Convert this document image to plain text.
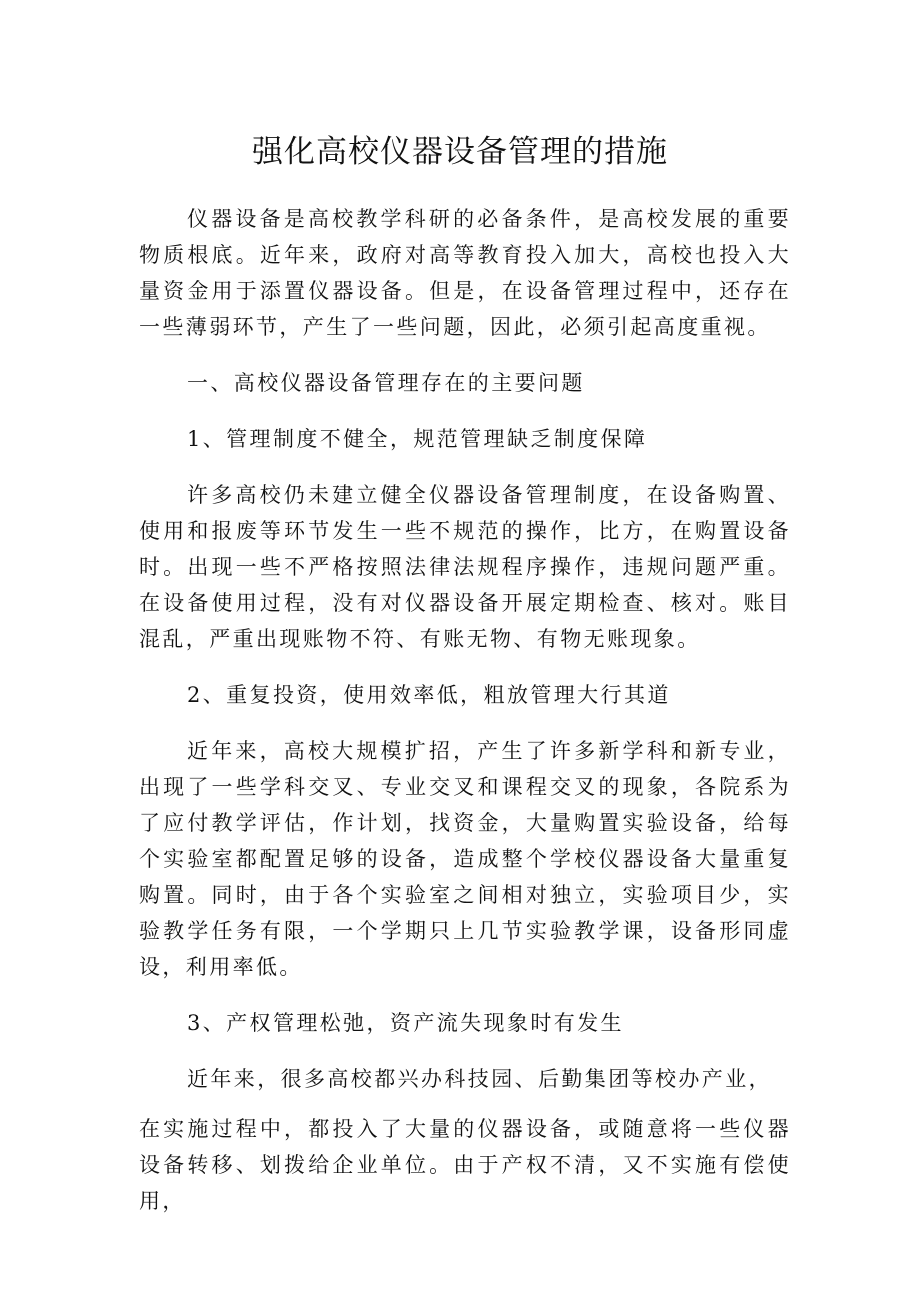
强化高校仪器设备管理的措施

仪器设备是高校教学科研的必备条件，是高校发展的重要物质根底。近年来，政府对高等教育投入加大，高校也投入大量资金用于添置仪器设备。但是，在设备管理过程中，还存在一些薄弱环节，产生了一些问题，因此，必须引起高度重视。

一、高校仪器设备管理存在的主要问题

1、管理制度不健全，规范管理缺乏制度保障

许多高校仍未建立健全仪器设备管理制度，在设备购置、使用和报废等环节发生一些不规范的操作，比方，在购置设备时。出现一些不严格按照法律法规程序操作，违规问题严重。在设备使用过程，没有对仪器设备开展定期检查、核对。账目混乱，严重出现账物不符、有账无物、有物无账现象。

2、重复投资，使用效率低，粗放管理大行其道

近年来，高校大规模扩招，产生了许多新学科和新专业，出现了一些学科交叉、专业交叉和课程交叉的现象，各院系为了应付教学评估，作计划，找资金，大量购置实验设备，给每个实验室都配置足够的设备，造成整个学校仪器设备大量重复购置。同时，由于各个实验室之间相对独立，实验项目少，实验教学任务有限，一个学期只上几节实验教学课，设备形同虚设，利用率低。

3、产权管理松弛，资产流失现象时有发生

近年来，很多高校都兴办科技园、后勤集团等校办产业，

在实施过程中，都投入了大量的仪器设备，或随意将一些仪器设备转移、划拨给企业单位。由于产权不清，又不实施有偿使用，
